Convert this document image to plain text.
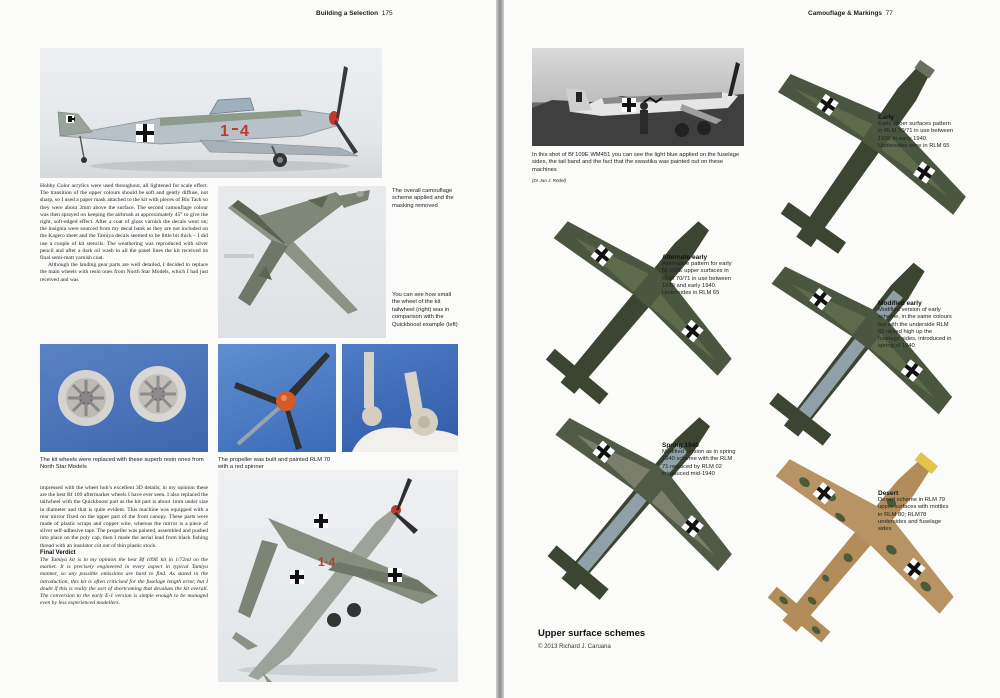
Building a Selection 175
1 4

Hobby Color acrylics were used throughout, all lightened for scale effect. The transition of the upper colours should be soft and gently diffuse, not sharp, so I used a paper mask attached to the kit with pieces of Blu Tack so they were about 2mm above the surface. The second camouflage colour was then sprayed on keeping the airbrush at approximately 45° to give the right, soft-edged effect. After a coat of gloss varnish the decals went on; the insignia were sourced from my decal bank as they are not included on the Kagero sheet and the Tamiya decals seemed to be little bit thick – I did use a couple of kit stencils. The weathering was reproduced with silver pencil and after a dark oil wash in all the panel lines the kit received its final semi-matt varnish coat.

Although the landing gear parts are well detailed, I decided to replace the main wheels with resin ones from North Star Models, which I had just received and was

The overall camouflage scheme applied and the masking removed
You can see how small the wheel of the kit tailwheel (right) was in comparison with the Quickboost example (left)
The kit wheels were replaced with these superb resin ones from North Star Models
The propeller was built and painted RLM 70 with a red spinner

impressed with the wheel hub’s excellent 3D details; in my opinion these are the best Bf 109 aftermarket wheels I have ever seen. I also replaced the tailwheel with the Quickboost part as the kit part is about 1mm under size in diameter and that is quite evident. This machine was equipped with a rear mirror fixed on the upper part of the front canopy. These parts were made of plastic scraps and copper wire, whereas the mirror is a piece of silver self-adhesive tape. The propeller was painted, assembled and pushed into place on the poly cap, then I made the aerial lead from black fishing thread with an insulator cut out of thin plastic stock.

Final Verdict

The Tamiya kit is in my opinion the best Bf 109E kit in 1/72nd on the market. It is precisely engineered in every aspect in typical Tamiya manner, so any possible omissions are hard to find. As stated in the introduction, this kit is often criticised for the fuselage length error, but I doubt if this is really the sort of shortcoming that devalues the kit overall. The conversion to the early E-1 version is simple enough to be managed even by less experienced modellers.

1·4
Camouflage & Markings 77
In this shot of Bf 109E WM451 you can see the light blue applied on the fuselage sides, the tail band and the fact that the swastika was painted out on these machines
(Dr Jan J. Rödel)
Early
Early upper surfaces pattern in RLM 70/71 in use between 1939 to early 1940. Undersides were in RLM 65
Alternate early
Alternative pattern for early Bf 109E upper surfaces in RLM 70/71 in use between 1939 and early 1940. Undersides in RLM 65
Modified early
Modified version of early scheme, in the same colours but with the underside RLM 65 raised high up the fuselage sides, introduced in spring of 1940
Spring 1940
Modified version as in spring 1940 scheme with the RLM 71 replaced by RLM 02 introduced mid-1940
Desert
Desert scheme in RLM 79 upper surfaces with mottles in RLM 80; RLM78 undersides and fuselage sides
Upper surface schemes
© 2013 Richard J. Caruana
